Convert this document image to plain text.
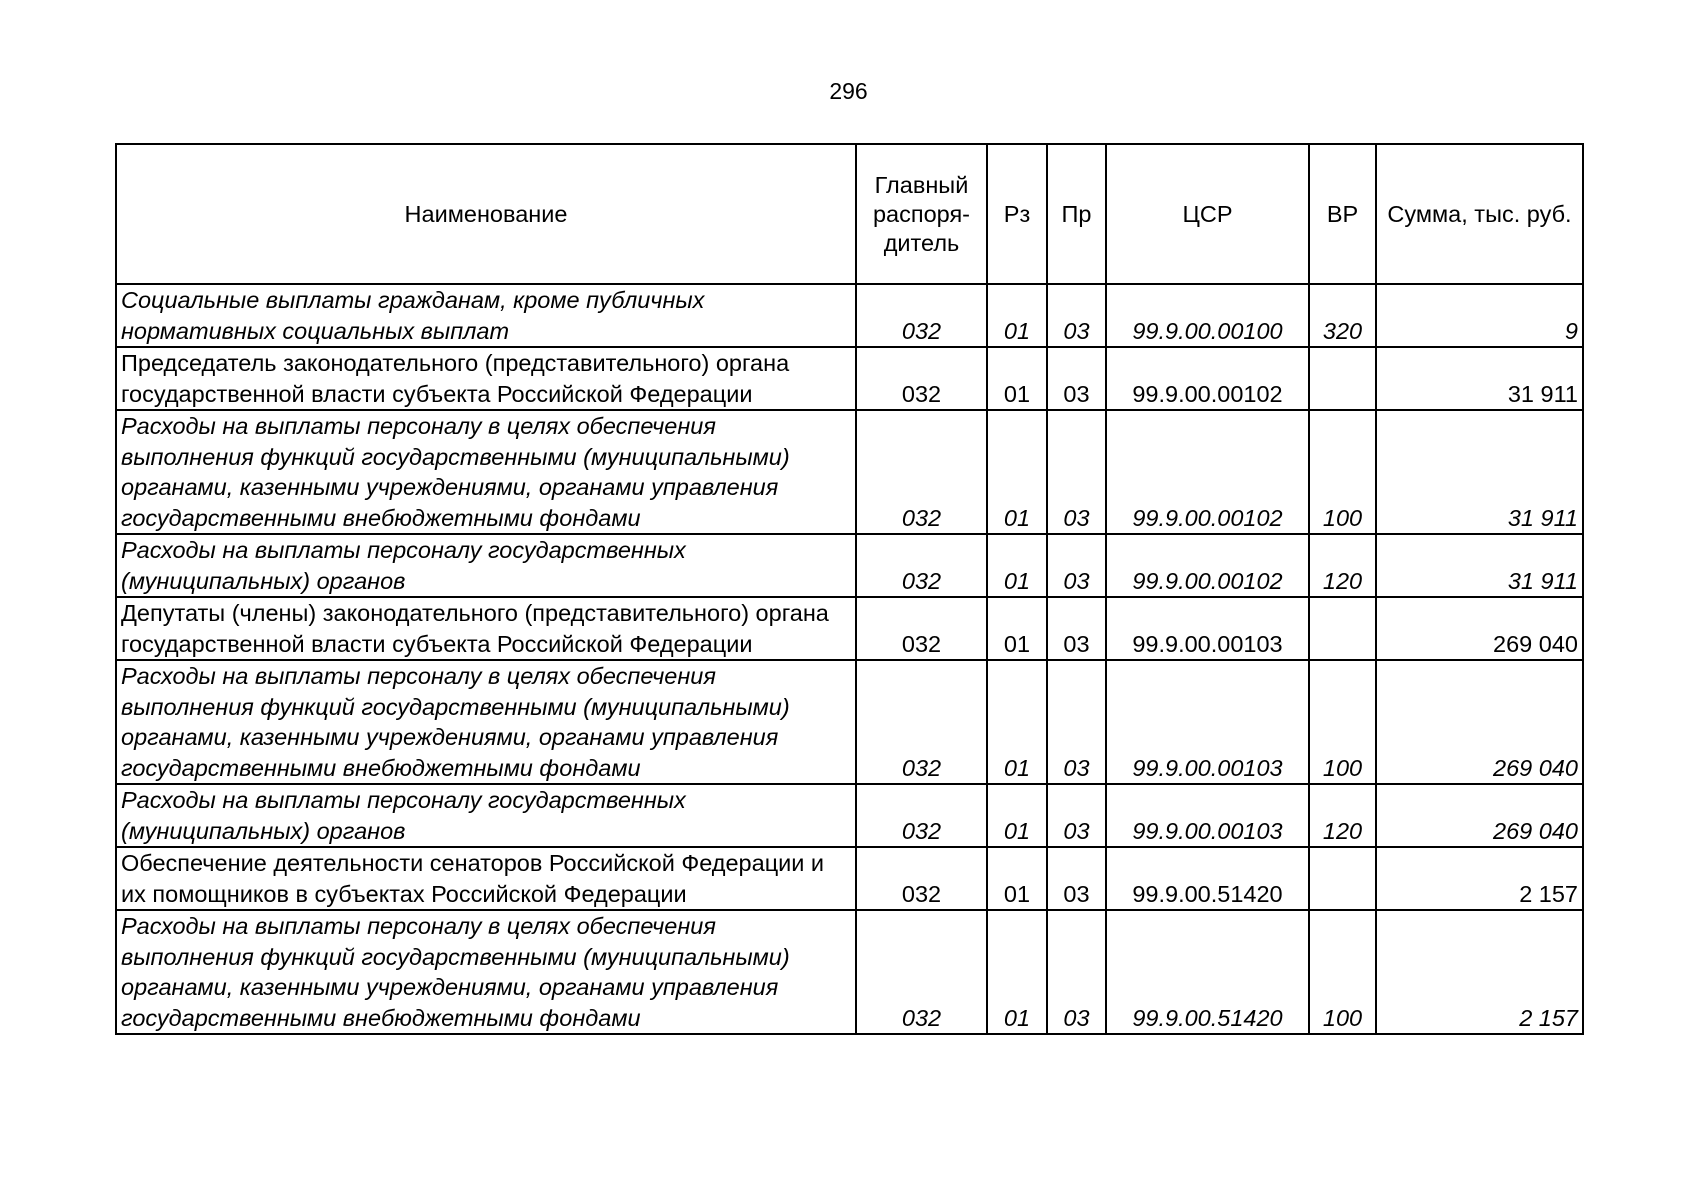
296
Наименование	Главный распоря-дитель	Рз	Пр	ЦСР	ВР	Сумма, тыс. руб.
Социальные выплаты гражданам, кроме публичных нормативных социальных выплат	032	01	03	99.9.00.00100	320	9
Председатель законодательного (представительного) органа государственной власти субъекта Российской Федерации	032	01	03	99.9.00.00102		31 911
Расходы на выплаты персоналу в целях обеспечения выполнения функций государственными (муниципальными) органами, казенными учреждениями, органами управления государственными внебюджетными фондами	032	01	03	99.9.00.00102	100	31 911
Расходы на выплаты персоналу государственных (муниципальных) органов	032	01	03	99.9.00.00102	120	31 911
Депутаты (члены) законодательного (представительного) органа государственной власти субъекта Российской Федерации	032	01	03	99.9.00.00103		269 040
Расходы на выплаты персоналу в целях обеспечения выполнения функций государственными (муниципальными) органами, казенными учреждениями, органами управления государственными внебюджетными фондами	032	01	03	99.9.00.00103	100	269 040
Расходы на выплаты персоналу государственных (муниципальных) органов	032	01	03	99.9.00.00103	120	269 040
Обеспечение деятельности сенаторов Российской Федерации и их помощников в субъектах Российской Федерации	032	01	03	99.9.00.51420		2 157
Расходы на выплаты персоналу в целях обеспечения выполнения функций государственными (муниципальными) органами, казенными учреждениями, органами управления государственными внебюджетными фондами	032	01	03	99.9.00.51420	100	2 157
